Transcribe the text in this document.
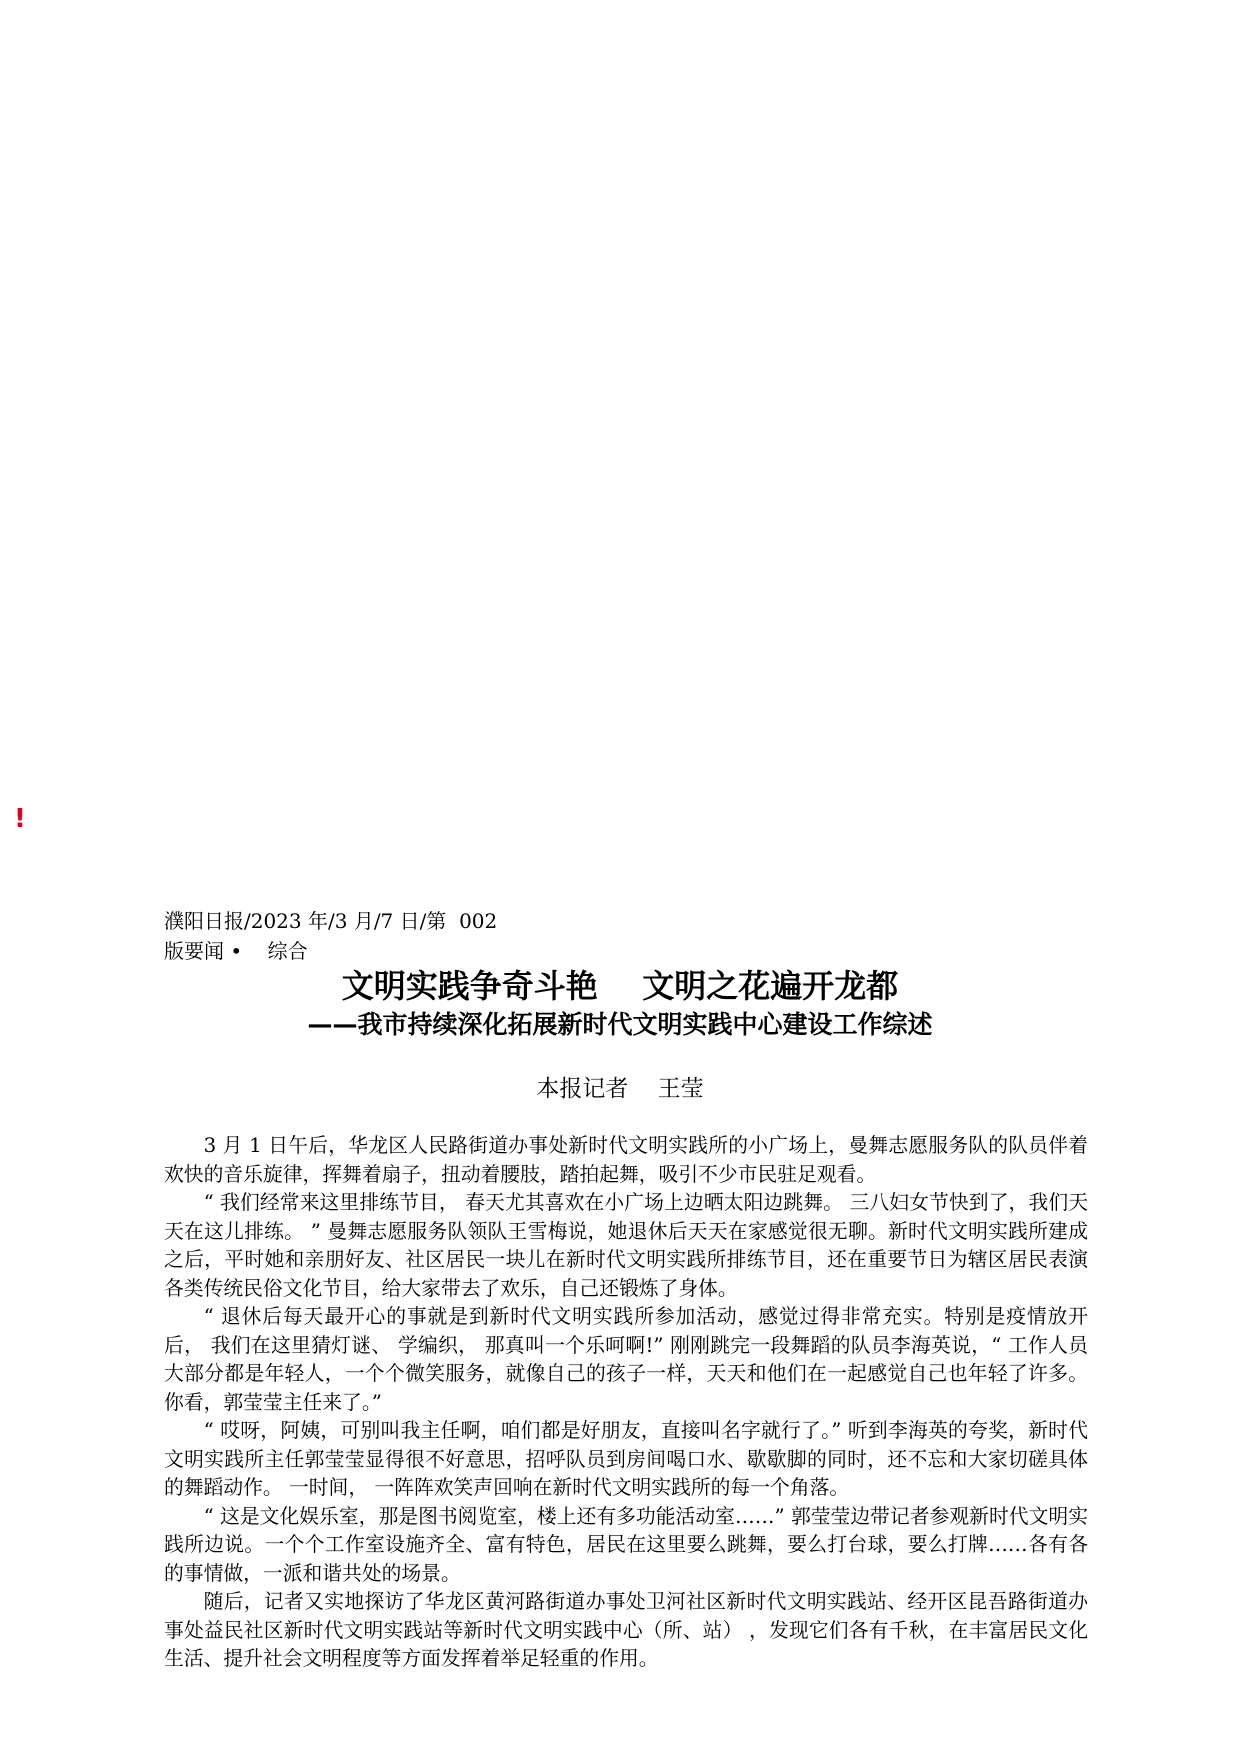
!
濮阳日报/2023 年/3 月/7 日/第  002
版要闻 •    综合
文明实践争奇斗艳    文明之花遍开龙都
——我市持续深化拓展新时代文明实践中心建设工作综述
本报记者    王莹

3 月 1 日午后，华龙区人民路街道办事处新时代文明实践所的小广场上，曼舞志愿服务队的队员伴着欢快的音乐旋律，挥舞着扇子，扭动着腰肢，踏拍起舞，吸引不少市民驻足观看。

“ 我们经常来这里排练节目， 春天尤其喜欢在小广场上边晒太阳边跳舞。 三八妇女节快到了，我们天天在这儿排练。 ” 曼舞志愿服务队领队王雪梅说，她退休后天天在家感觉很无聊。新时代文明实践所建成之后，平时她和亲朋好友、社区居民一块儿在新时代文明实践所排练节目，还在重要节日为辖区居民表演各类传统民俗文化节目，给大家带去了欢乐，自己还锻炼了身体。

“ 退休后每天最开心的事就是到新时代文明实践所参加活动，感觉过得非常充实。特别是疫情放开后， 我们在这里猜灯谜、 学编织， 那真叫一个乐呵啊!” 刚刚跳完一段舞蹈的队员李海英说，“ 工作人员大部分都是年轻人，一个个微笑服务，就像自己的孩子一样，天天和他们在一起感觉自己也年轻了许多。你看，郭莹莹主任来了。”

“ 哎呀，阿姨，可别叫我主任啊，咱们都是好朋友，直接叫名字就行了。” 听到李海英的夸奖，新时代文明实践所主任郭莹莹显得很不好意思，招呼队员到房间喝口水、歇歇脚的同时，还不忘和大家切磋具体的舞蹈动作。 一时间， 一阵阵欢笑声回响在新时代文明实践所的每一个角落。

“ 这是文化娱乐室，那是图书阅览室，楼上还有多功能活动室……” 郭莹莹边带记者参观新时代文明实践所边说。一个个工作室设施齐全、富有特色，居民在这里要么跳舞，要么打台球，要么打牌……各有各的事情做，一派和谐共处的场景。

随后，记者又实地探访了华龙区黄河路街道办事处卫河社区新时代文明实践站、经开区昆吾路街道办事处益民社区新时代文明实践站等新时代文明实践中心（所、站） ，发现它们各有千秋，在丰富居民文化生活、提升社会文明程度等方面发挥着举足轻重的作用。
